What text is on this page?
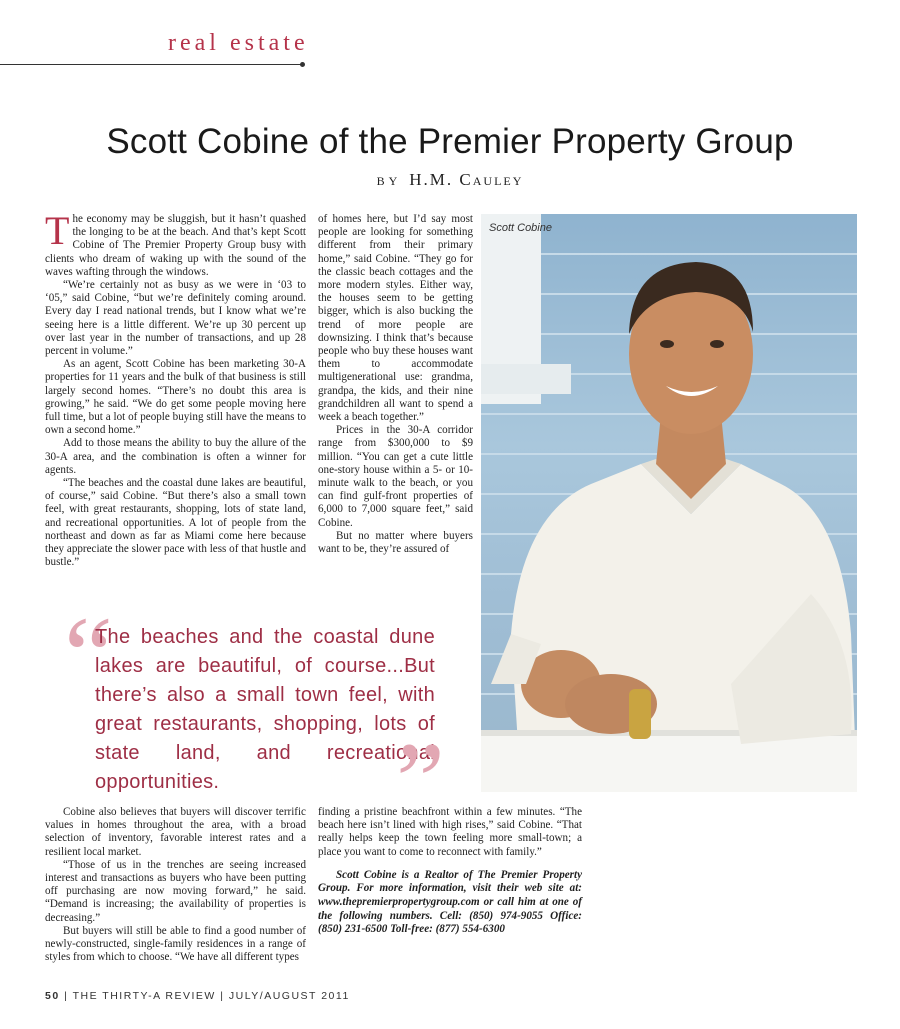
real estate
Scott Cobine of the Premier Property Group
BY H.M. Cauley

The economy may be sluggish, but it hasn’t quashed the longing to be at the beach. And that’s kept Scott Cobine of The Premier Property Group busy with clients who dream of waking up with the sound of the waves wafting through the windows.

“We’re certainly not as busy as we were in ‘03 to ‘05,” said Cobine, “but we’re definitely coming around. Every day I read national trends, but I know what we’re seeing here is a little different. We’re up 30 percent up over last year in the number of transactions, and up 28 percent in volume.”

As an agent, Scott Cobine has been marketing 30-A properties for 11 years and the bulk of that business is still largely second homes. “There’s no doubt this area is growing,” he said. “We do get some people moving here full time, but a lot of people buying still have the means to own a second home.”

Add to those means the ability to buy the allure of the 30-A area, and the combination is often a winner for agents.

“The beaches and the coastal dune lakes are beautiful, of course,” said Cobine. “But there’s also a small town feel, with great restaurants, shopping, lots of state land, and recreational opportunities. A lot of people from the northeast and down as far as Miami come here because they appreciate the slower pace with less of that hustle and bustle.”

of homes here, but I’d say most people are looking for something different from their primary home,” said Cobine. “They go for the classic beach cottages and the more modern styles. Either way, the houses seem to be getting bigger, which is also bucking the trend of more people are downsizing. I think that’s because people who buy these houses want them to accommodate multigenerational use: grandma, grandpa, the kids, and their nine grandchildren all want to spend a week a beach together.”

Prices in the 30-A corridor range from $300,000 to $9 million. “You can get a cute little one-story house within a 5- or 10-minute walk to the beach, or you can find gulf-front properties of 6,000 to 7,000 square feet,” said Cobine.

But no matter where buyers want to be, they’re assured of

Scott Cobine
“
The beaches and the coastal dune lakes are beautiful, of course...But there’s also a small town feel, with great restaurants, shopping, lots of state land, and recreational opportunities.	”

Cobine also believes that buyers will discover terrific values in homes throughout the area, with a broad selection of inventory, favorable interest rates and a resilient local market.

“Those of us in the trenches are seeing increased interest and transactions as buyers who have been putting off purchasing are now moving forward,” he said. “Demand is increasing; the availability of properties is decreasing.”

But buyers will still be able to find a good number of newly-constructed, single-family residences in a range of styles from which to choose. “We have all different types

finding a pristine beachfront within a few minutes. “The beach here isn’t lined with high rises,” said Cobine. “That really helps keep the town feeling more small-town; a place you want to come to reconnect with family.”

Scott Cobine is a Realtor of The Premier Property Group. For more information, visit their web site at: www.thepremierpropertygroup.com or call him at one of the following numbers. Cell: (850) 974-9055 Office: (850) 231-6500 Toll-free: (877) 554-6300

50 | THE THIRTY-A REVIEW | JULY/AUGUST 2011
